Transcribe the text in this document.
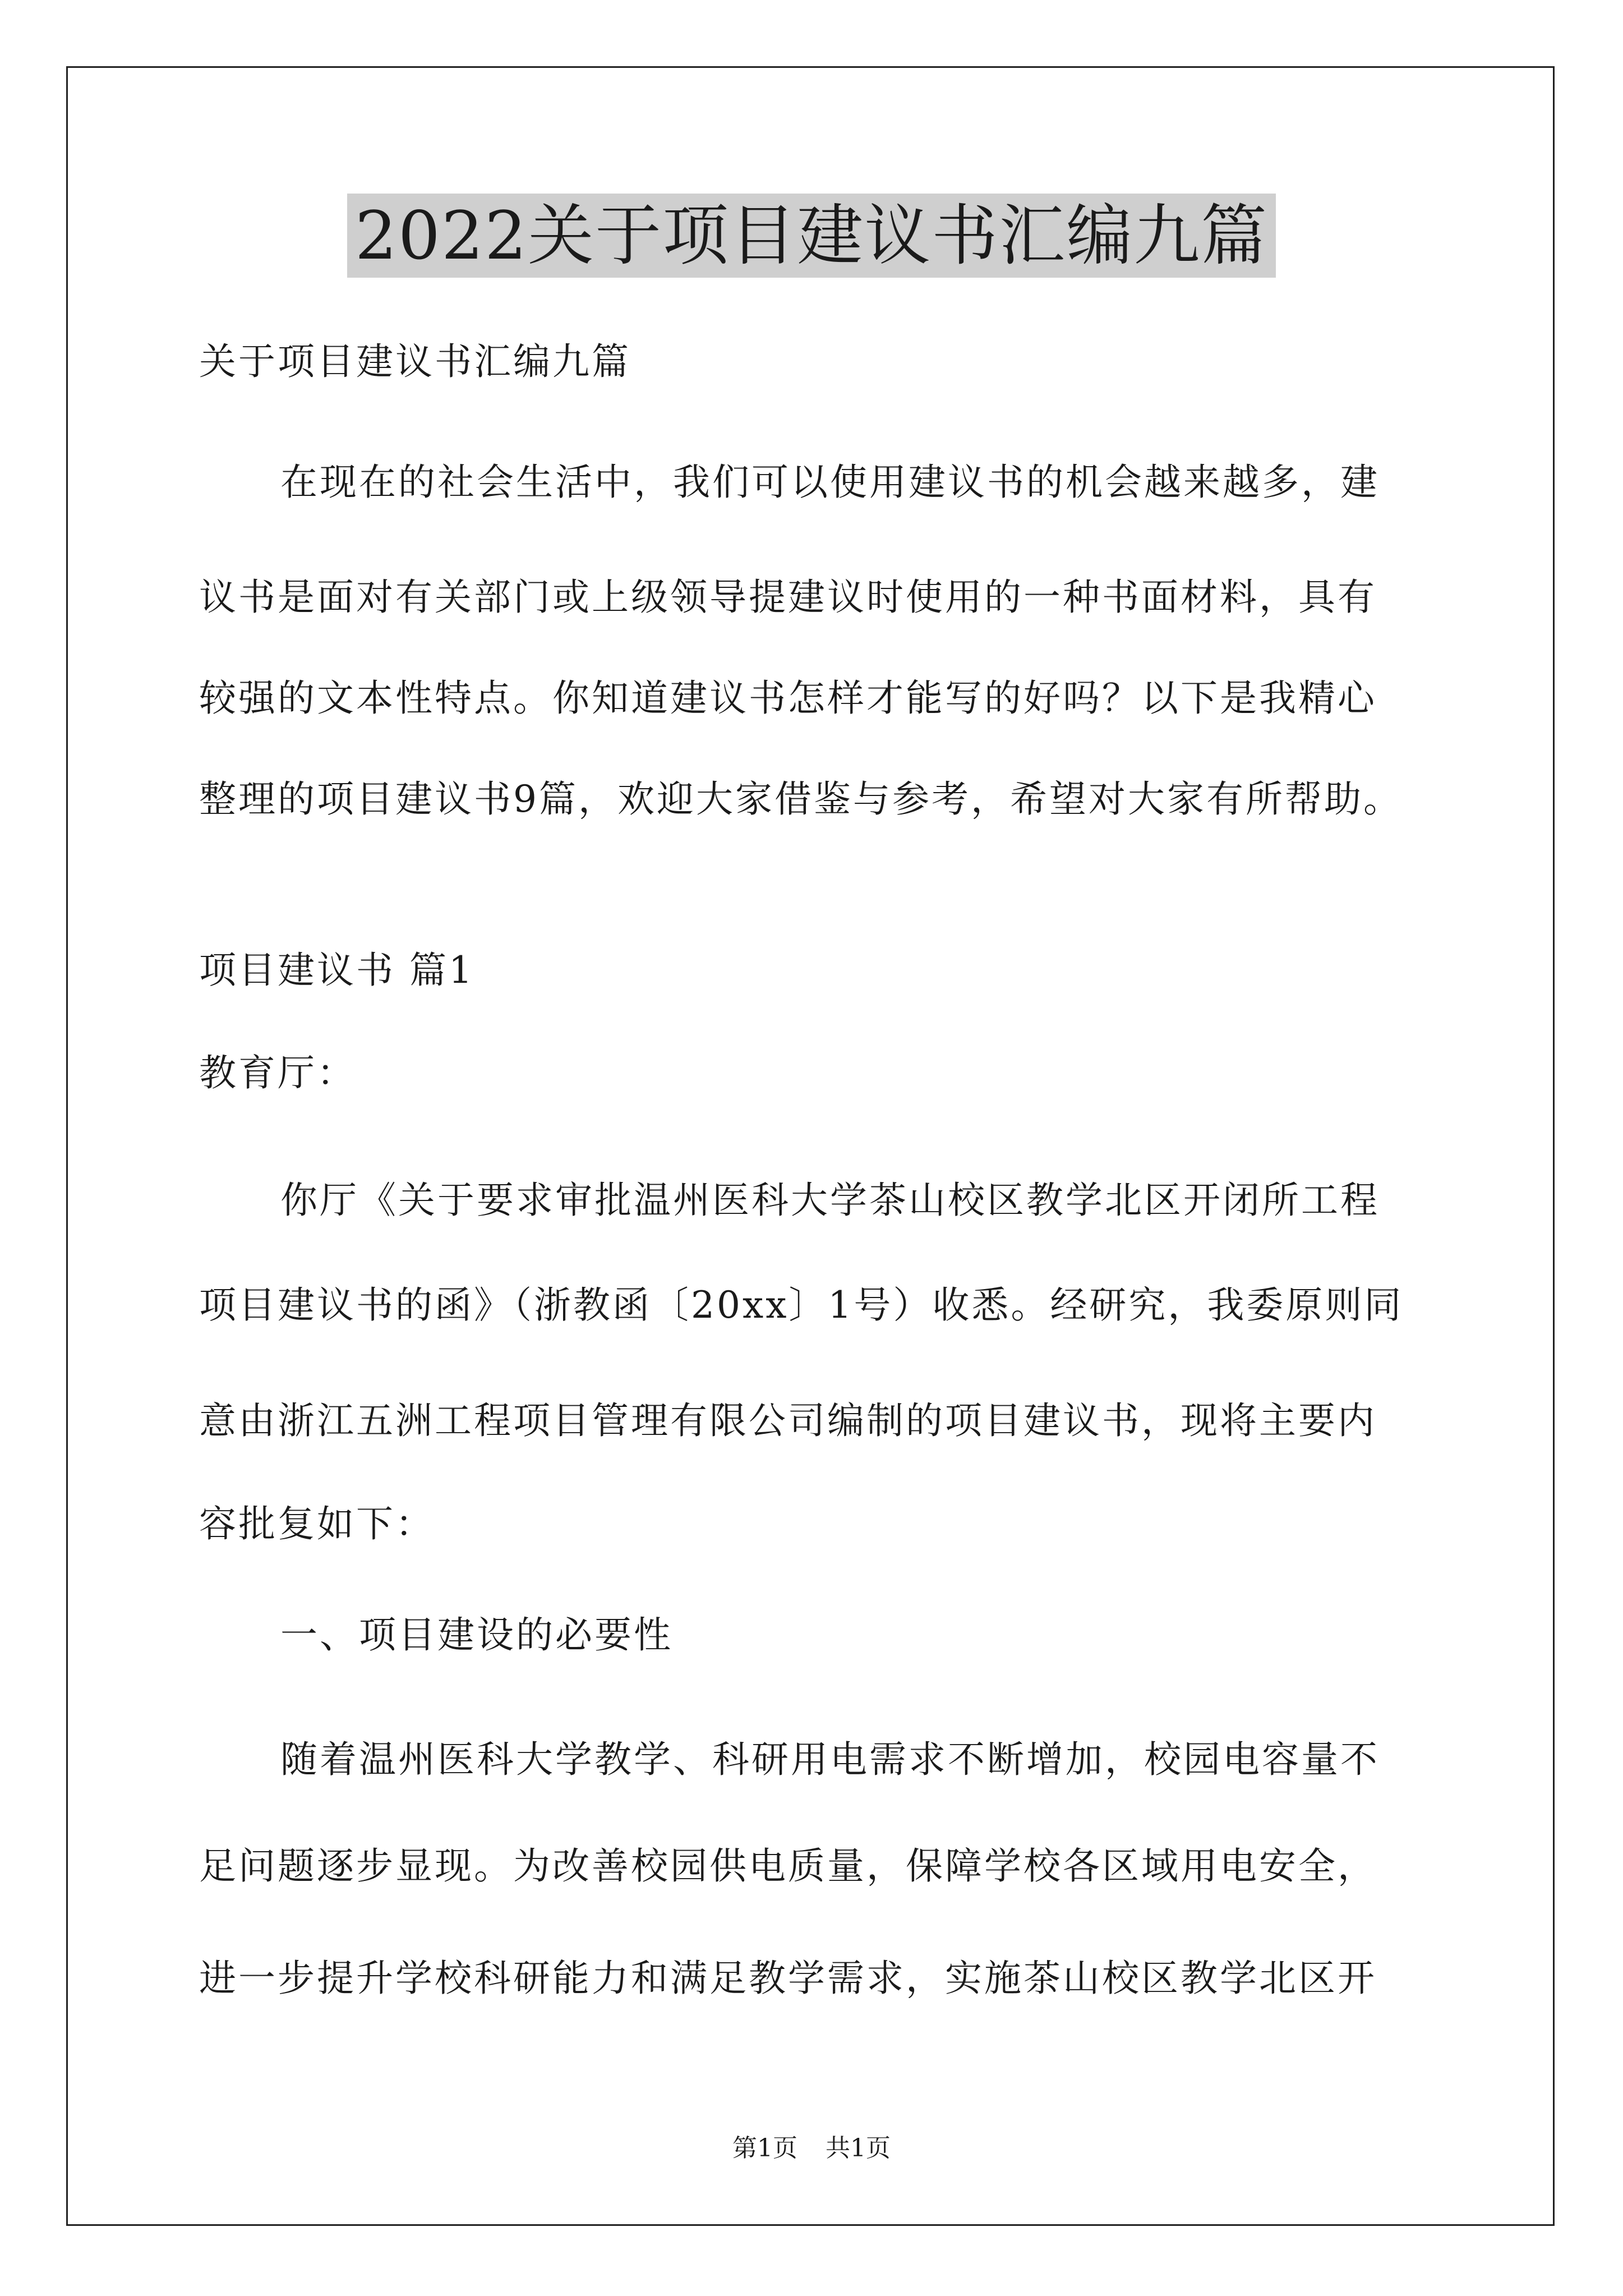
2022关于项目建议书汇编九篇
关于项目建议书汇编九篇
在现在的社会生活中，我们可以使用建议书的机会越来越多，建
议书是面对有关部门或上级领导提建议时使用的一种书面材料，具有
较强的文本性特点。你知道建议书怎样才能写的好吗？以下是我精心
整理的项目建议书9篇，欢迎大家借鉴与参考，希望对大家有所帮助。
项目建议书 篇1
教育厅：
你厅《关于要求审批温州医科大学茶山校区教学北区开闭所工程
项目建议书的函》（浙教函〔20xx〕1号）收悉。经研究，我委原则同
意由浙江五洲工程项目管理有限公司编制的项目建议书，现将主要内
容批复如下：
一、项目建设的必要性
随着温州医科大学教学、科研用电需求不断增加，校园电容量不
足问题逐步显现。为改善校园供电质量，保障学校各区域用电安全，
进一步提升学校科研能力和满足教学需求，实施茶山校区教学北区开
第1页 共1页
